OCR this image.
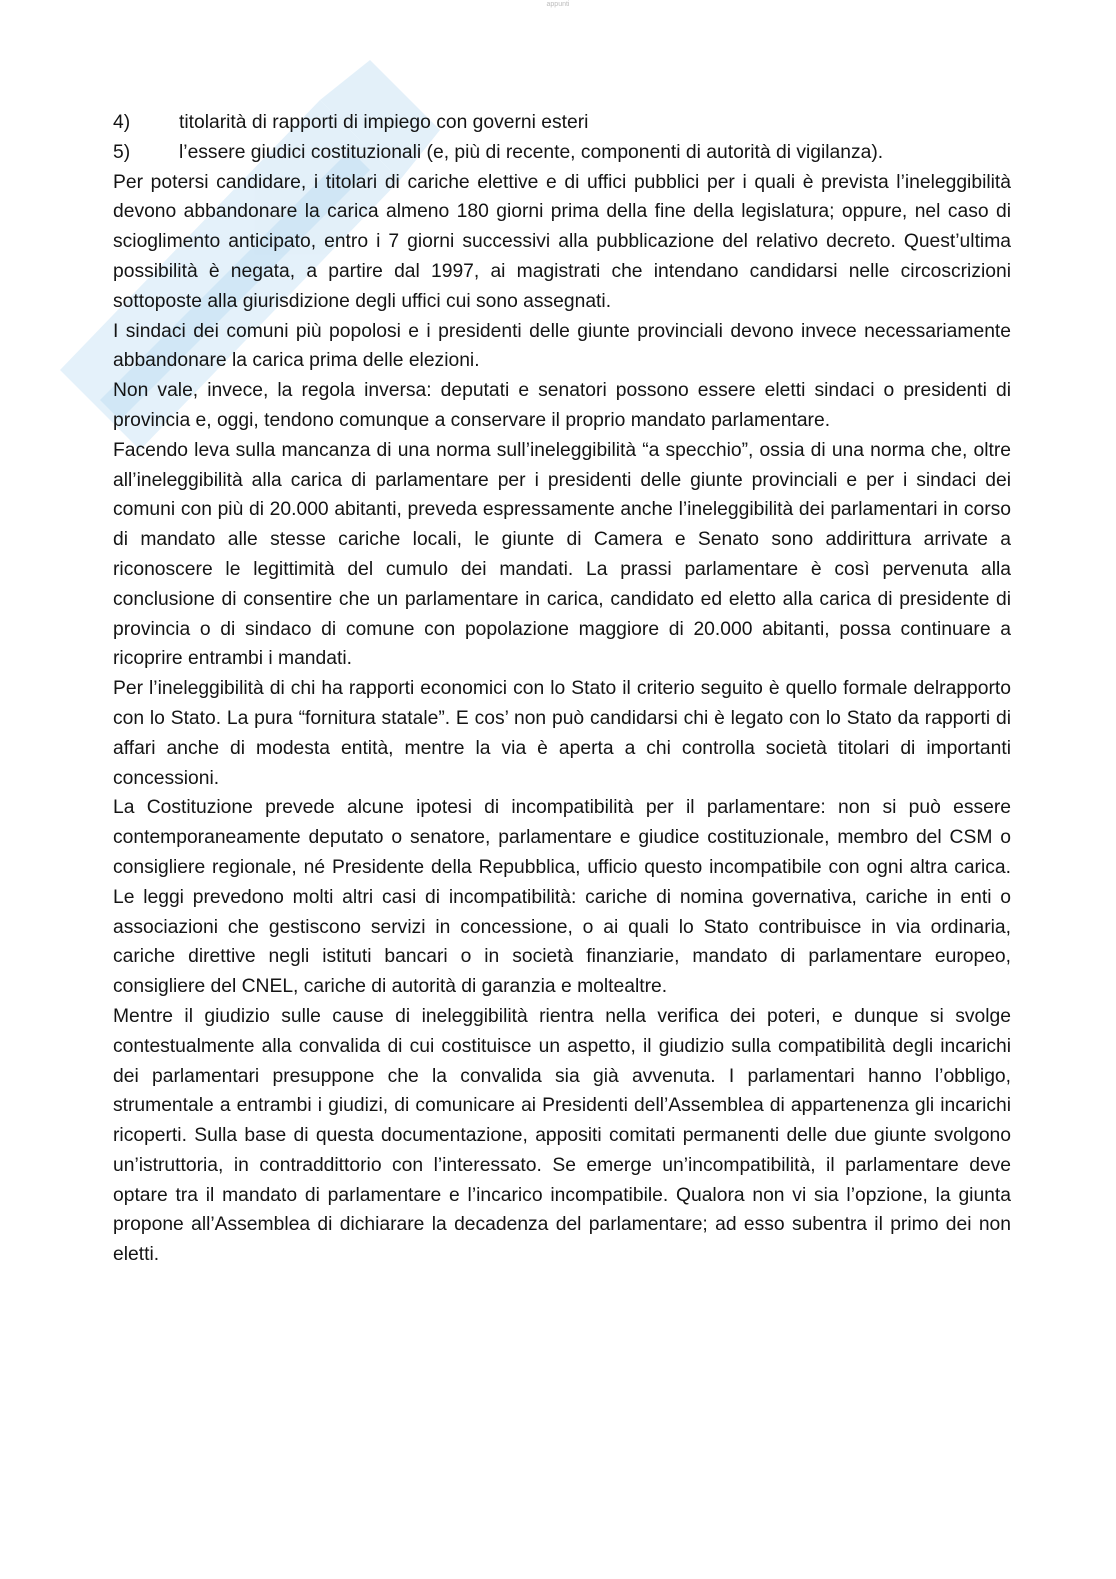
appunti
4)	titolarità di rapporti di impiego con governi esteri
5)	l’essere giudici costituzionali (e, più di recente, componenti di autorità di vigilanza).

Per potersi candidare, i titolari di cariche elettive e di uffici pubblici per i quali è prevista l’ineleggibilità devono abbandonare la carica almeno 180 giorni prima della fine della legislatura; oppure, nel caso di scioglimento anticipato, entro i 7 giorni successivi alla pubblicazione del relativo decreto. Quest’ultima possibilità è negata, a partire dal 1997, ai magistrati che intendano candidarsi nelle circoscrizioni sottoposte alla giurisdizione degli uffici cui sono assegnati.

I sindaci dei comuni più popolosi e i presidenti delle giunte provinciali devono invece necessariamente abbandonare la carica prima delle elezioni.

Non vale, invece, la regola inversa: deputati e senatori possono essere eletti sindaci o presidenti di provincia e, oggi, tendono comunque a conservare il proprio mandato parlamentare.

Facendo leva sulla mancanza di una norma sull’ineleggibilità “a specchio”, ossia di una norma che, oltre all’ineleggibilità alla carica di parlamentare per i presidenti delle giunte provinciali e per i sindaci dei comuni con più di 20.000 abitanti, preveda espressamente anche l’ineleggibilità dei parlamentari in corso di mandato alle stesse cariche locali, le giunte di Camera e Senato sono addirittura arrivate a riconoscere le legittimità del cumulo dei mandati. La prassi parlamentare è così pervenuta alla conclusione di consentire che un parlamentare in carica, candidato ed eletto alla carica di presidente di provincia o di sindaco di comune con popolazione maggiore di 20.000 abitanti, possa continuare a ricoprire entrambi i mandati.

Per l’ineleggibilità di chi ha rapporti economici con lo Stato il criterio seguito è quello formale delrapporto con lo Stato. La pura “fornitura statale”. E cos’ non può candidarsi chi è legato con lo Stato da rapporti di affari anche di modesta entità, mentre la via è aperta a chi controlla società titolari di importanti concessioni.

La Costituzione prevede alcune ipotesi di incompatibilità per il parlamentare: non si può essere contemporaneamente deputato o senatore, parlamentare e giudice costituzionale, membro del CSM o consigliere regionale, né Presidente della Repubblica, ufficio questo incompatibile con ogni altra carica. Le leggi prevedono molti altri casi di incompatibilità: cariche di nomina governativa, cariche in enti o associazioni che gestiscono servizi in concessione, o ai quali lo Stato contribuisce in via ordinaria, cariche direttive negli istituti bancari o in società finanziarie, mandato di parlamentare europeo, consigliere del CNEL, cariche di autorità di garanzia e moltealtre.

Mentre il giudizio sulle cause di ineleggibilità rientra nella verifica dei poteri, e dunque si svolge contestualmente alla convalida di cui costituisce un aspetto, il giudizio sulla compatibilità degli incarichi dei parlamentari presuppone che la convalida sia già avvenuta. I parlamentari hanno l’obbligo, strumentale a entrambi i giudizi, di comunicare ai Presidenti dell’Assemblea di appartenenza gli incarichi ricoperti. Sulla base di questa documentazione, appositi comitati permanenti delle due giunte svolgono un’istruttoria, in contraddittorio con l’interessato. Se emerge un’incompatibilità, il parlamentare deve optare tra il mandato di parlamentare e l’incarico incompatibile. Qualora non vi sia l’opzione, la giunta propone all’Assemblea di dichiarare la decadenza del parlamentare; ad esso subentra il primo dei non eletti.
